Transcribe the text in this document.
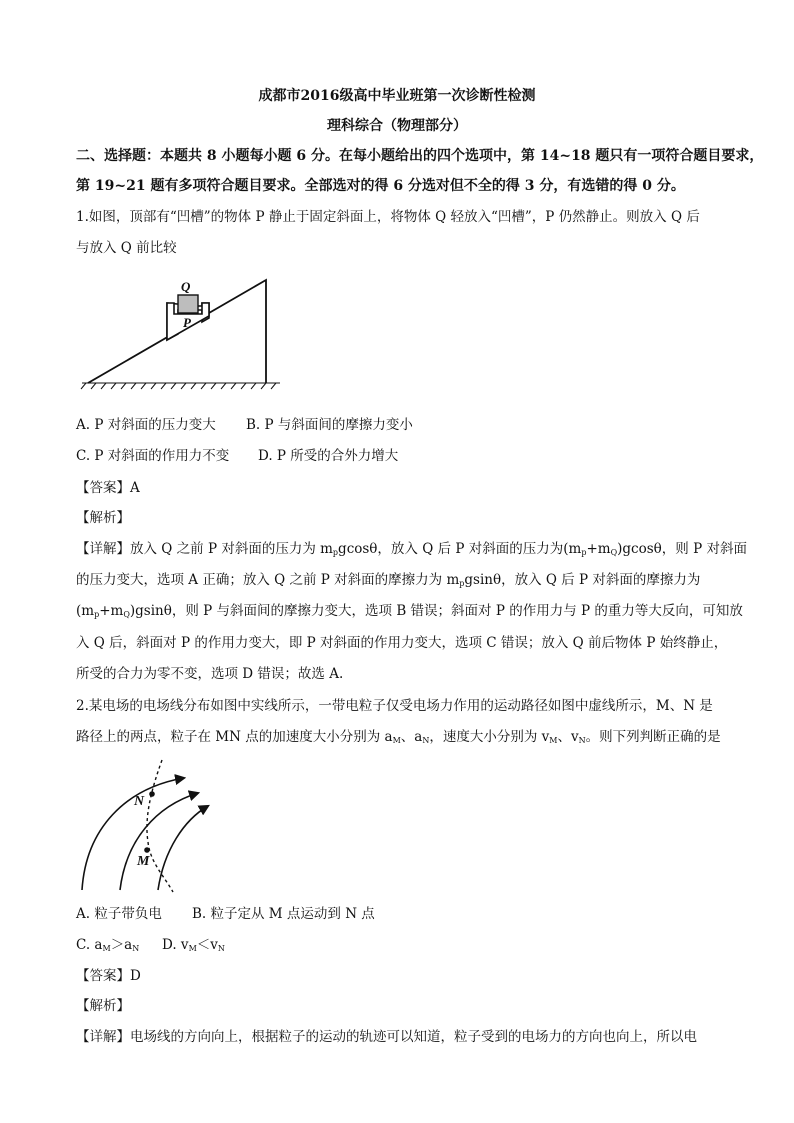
成都市2016级高中毕业班第一次诊断性检测
理科综合（物理部分）
二、选择题：本题共 8 小题每小题 6 分。在每小题给出的四个选项中，第 14~18 题只有一项符合题目要求，
第 19~21 题有多项符合题目要求。全部选对的得 6 分选对但不全的得 3 分，有选错的得 0 分。
1.如图，顶部有“凹槽”的物体 P 静止于固定斜面上，将物体 Q 轻放入“凹槽”，P 仍然静止。则放入 Q 后
与放入 Q 前比较
Q
P
A. P 对斜面的压力变大 B. P 与斜面间的摩擦力变小
C. P 对斜面的作用力不变 D. P 所受的合外力增大
【答案】A
【解析】
【详解】放入 Q 之前 P 对斜面的压力为 $m_pgcos\theta$，放入 Q 后 P 对斜面的压力为$(m_p+m_Q)gcos\theta$，则 P 对斜面
的压力变大，选项 A 正确；放入 Q 之前 P 对斜面的摩擦力为 $m_pgsin\theta$，放入 Q 后 P 对斜面的摩擦力为
$(m_p+m_Q)gsin\theta$，则 P 与斜面间的摩擦力变大，选项 B 错误；斜面对 P 的作用力与 P 的重力等大反向，可知放
入 Q 后，斜面对 P 的作用力变大，即 P 对斜面的作用力变大，选项 C 错误；放入 Q 前后物体 P 始终静止，
所受的合力为零不变，选项 D 错误；故选 A.
2.某电场的电场线分布如图中实线所示，一带电粒子仅受电场力作用的运动路径如图中虚线所示，M、N 是
路径上的两点，粒子在 MN 点的加速度大小分别为 $a_M$、$a_N$，速度大小分别为 $v_M$、$v_N$。则下列判断正确的是
N
M
A. 粒子带负电 B. 粒子定从 M 点运动到 N 点
C. $a_M>a_N$ D. $v_M<v_N$
【答案】D
【解析】
【详解】电场线的方向向上，根据粒子的运动的轨迹可以知道，粒子受到的电场力的方向也向上，所以电
